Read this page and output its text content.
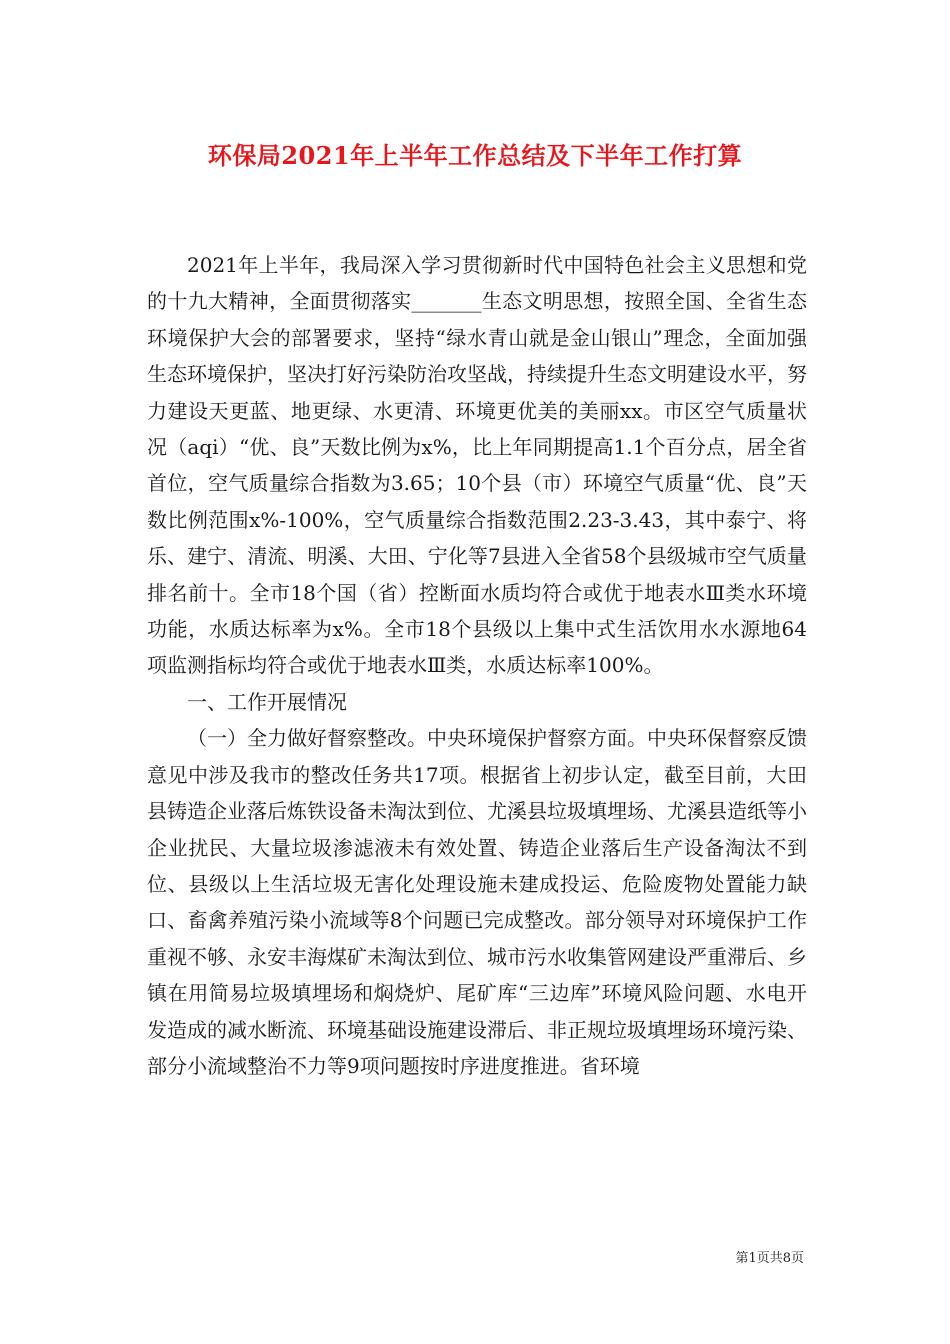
环保局2021年上半年工作总结及下半年工作打算

2021年上半年，我局深入学习贯彻新时代中国特色社会主义思想和党的十九大精神，全面贯彻落实_______生态文明思想，按照全国、全省生态环境保护大会的部署要求，坚持“绿水青山就是金山银山”理念，全面加强生态环境保护，坚决打好污染防治攻坚战，持续提升生态文明建设水平，努力建设天更蓝、地更绿、水更清、环境更优美的美丽xx。市区空气质量状况（aqi）“优、良”天数比例为x%，比上年同期提高1.1个百分点，居全省首位，空气质量综合指数为3.65；10个县（市）环境空气质量“优、良”天数比例范围x%-100%，空气质量综合指数范围2.23-3.43，其中泰宁、将乐、建宁、清流、明溪、大田、宁化等7县进入全省58个县级城市空气质量排名前十。全市18个国（省）控断面水质均符合或优于地表水Ⅲ类水环境功能，水质达标率为x%。全市18个县级以上集中式生活饮用水水源地64项监测指标均符合或优于地表水Ⅲ类，水质达标率100%。

一、工作开展情况

（一）全力做好督察整改。中央环境保护督察方面。中央环保督察反馈意见中涉及我市的整改任务共17项。根据省上初步认定，截至目前，大田县铸造企业落后炼铁设备未淘汰到位、尤溪县垃圾填埋场、尤溪县造纸等小企业扰民、大量垃圾渗滤液未有效处置、铸造企业落后生产设备淘汰不到位、县级以上生活垃圾无害化处理设施未建成投运、危险废物处置能力缺口、畜禽养殖污染小流域等8个问题已完成整改。部分领导对环境保护工作重视不够、永安丰海煤矿未淘汰到位、城市污水收集管网建设严重滞后、乡镇在用简易垃圾填埋场和焖烧炉、尾矿库“三边库”环境风险问题、水电开发造成的减水断流、环境基础设施建设滞后、非正规垃圾填埋场环境污染、部分小流域整治不力等9项问题按时序进度推进。省环境

第1页共8页
